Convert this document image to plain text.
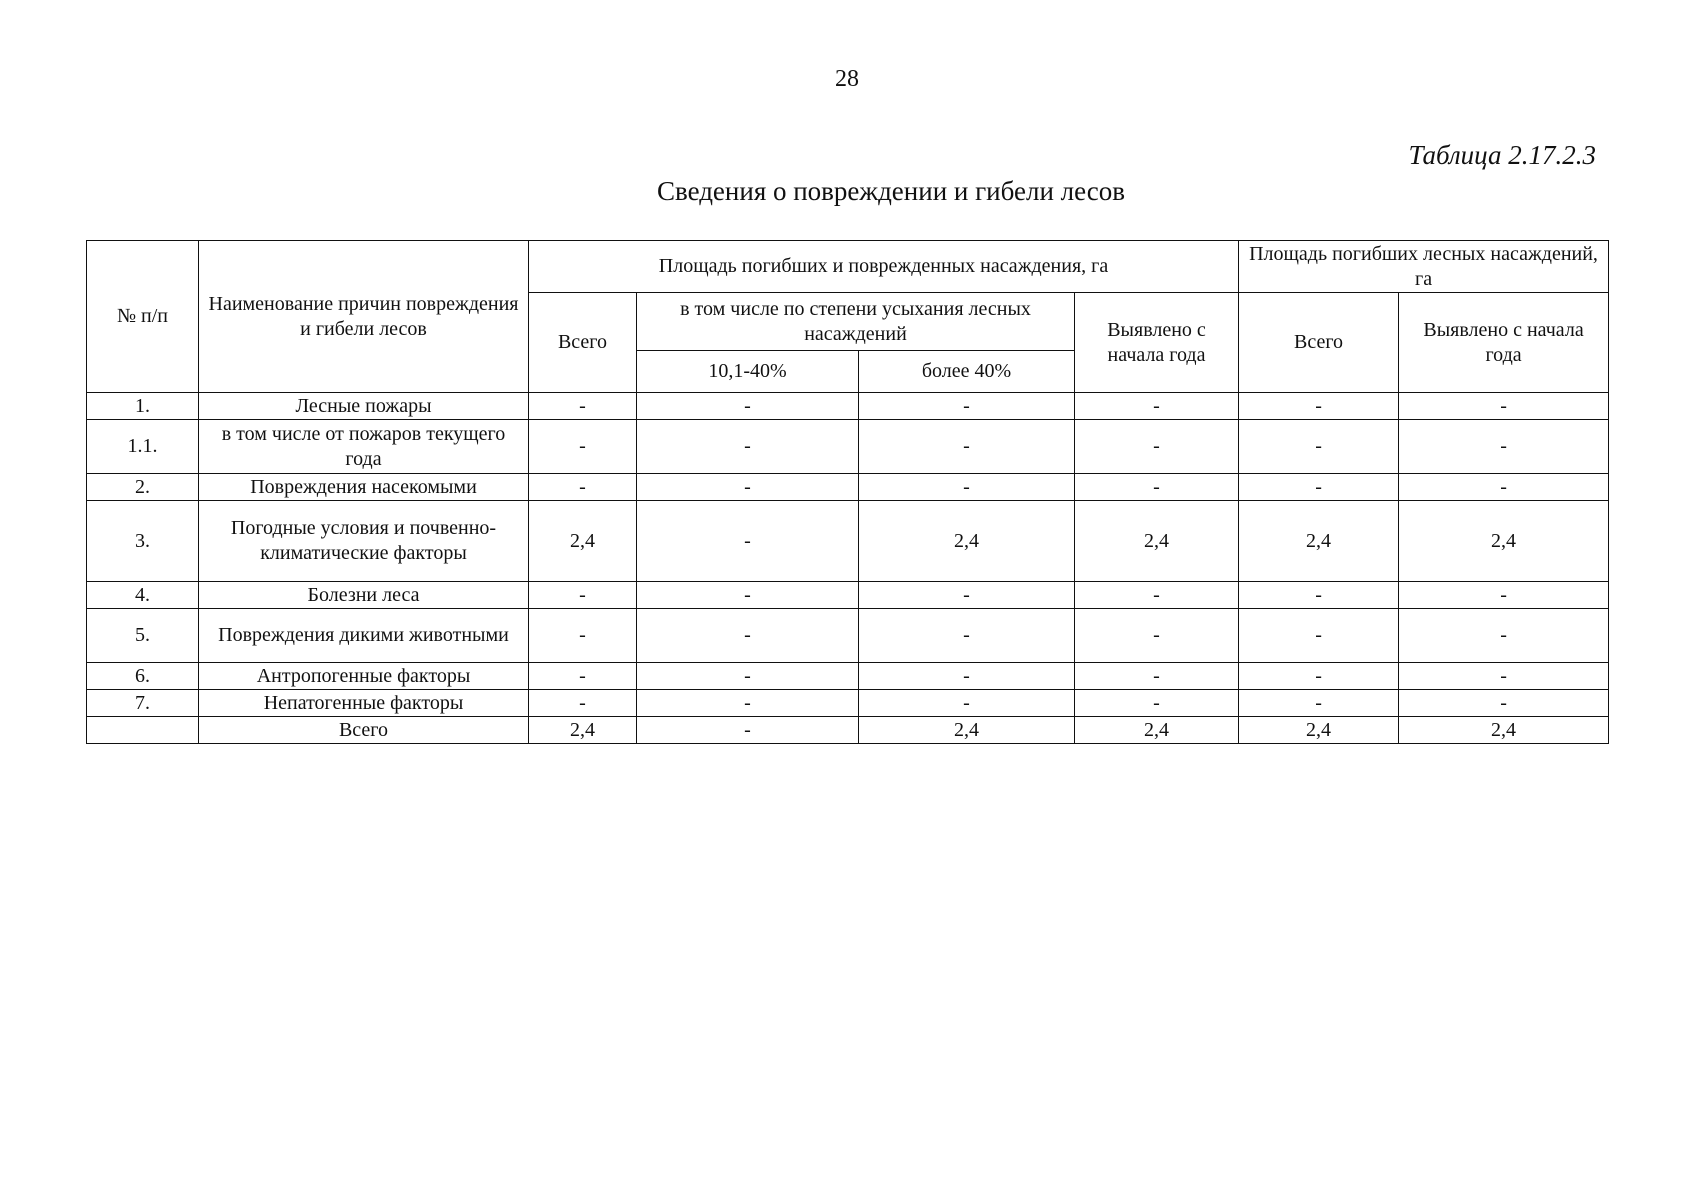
28
Таблица 2.17.2.3
Сведения о повреждении и гибели лесов
№ п/п	Наименование причин повреждения и гибели лесов	Площадь погибших и поврежденных насаждения, га				Площадь погибших лесных насаждений, га	
		Всего	в том числе по степени усыхания лесных насаждений		Выявлено с начала года	Всего	Выявлено с начала года
			10,1-40%	более 40%			
1.	Лесные пожары	-	-	-	-	-	-
1.1.	в том числе от пожаров текущего года	-	-	-	-	-	-
2.	Повреждения насекомыми	-	-	-	-	-	-
3.	Погодные условия и почвенно-климатические факторы	2,4	-	2,4	2,4	2,4	2,4
4.	Болезни леса	-	-	-	-	-	-
5.	Повреждения дикими животными	-	-	-	-	-	-
6.	Антропогенные факторы	-	-	-	-	-	-
7.	Непатогенные факторы	-	-	-	-	-	-
	Всего	2,4	-	2,4	2,4	2,4	2,4
